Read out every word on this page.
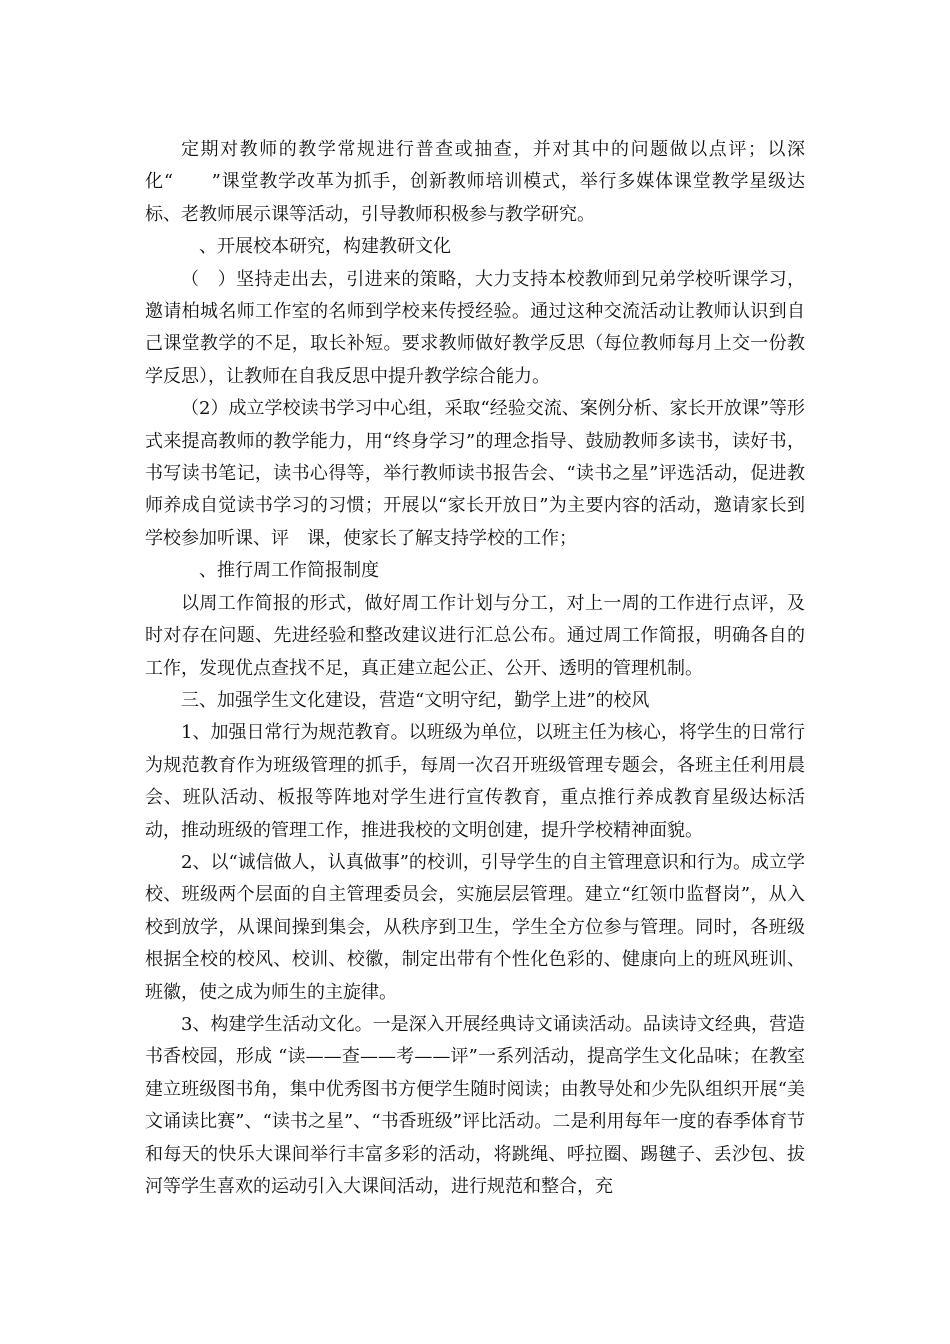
定期对教师的教学常规进行普查或抽查，并对其中的问题做以点评；以深化“　　”课堂教学改革为抓手，创新教师培训模式，举行多媒体课堂教学星级达标、老教师展示课等活动，引导教师积极参与教学研究。

　、开展校本研究，构建教研文化

（　）坚持走出去，引进来的策略，大力支持本校教师到兄弟学校听课学习，邀请柏城名师工作室的名师到学校来传授经验。通过这种交流活动让教师认识到自己课堂教学的不足，取长补短。要求教师做好教学反思（每位教师每月上交一份教学反思），让教师在自我反思中提升教学综合能力。

（2）成立学校读书学习中心组，采取“经验交流、案例分析、家长开放课”等形式来提高教师的教学能力，用“终身学习”的理念指导、鼓励教师多读书，读好书，书写读书笔记，读书心得等，举行教师读书报告会、“读书之星”评选活动，促进教师养成自觉读书学习的习惯；开展以“家长开放日”为主要内容的活动，邀请家长到学校参加听课、评　课，使家长了解支持学校的工作；

　、推行周工作简报制度

以周工作简报的形式，做好周工作计划与分工，对上一周的工作进行点评，及时对存在问题、先进经验和整改建议进行汇总公布。通过周工作简报，明确各自的工作，发现优点查找不足，真正建立起公正、公开、透明的管理机制。

三、加强学生文化建设，营造“文明守纪，勤学上进”的校风

1、加强日常行为规范教育。以班级为单位，以班主任为核心，将学生的日常行为规范教育作为班级管理的抓手，每周一次召开班级管理专题会，各班主任利用晨会、班队活动、板报等阵地对学生进行宣传教育，重点推行养成教育星级达标活动，推动班级的管理工作，推进我校的文明创建，提升学校精神面貌。

2、以“诚信做人，认真做事”的校训，引导学生的自主管理意识和行为。成立学校、班级两个层面的自主管理委员会，实施层层管理。建立“红领巾监督岗”，从入校到放学，从课间操到集会，从秩序到卫生，学生全方位参与管理。同时，各班级根据全校的校风、校训、校徽，制定出带有个性化色彩的、健康向上的班风班训、班徽，使之成为师生的主旋律。

3、构建学生活动文化。一是深入开展经典诗文诵读活动。品读诗文经典，营造书香校园，形成 “读——查——考——评”一系列活动，提高学生文化品味；在教室建立班级图书角，集中优秀图书方便学生随时阅读；由教导处和少先队组织开展“美文诵读比赛”、“读书之星”、“书香班级”评比活动。二是利用每年一度的春季体育节和每天的快乐大课间举行丰富多彩的活动，将跳绳、呼拉圈、踢毽子、丢沙包、拔河等学生喜欢的运动引入大课间活动，进行规范和整合，充
